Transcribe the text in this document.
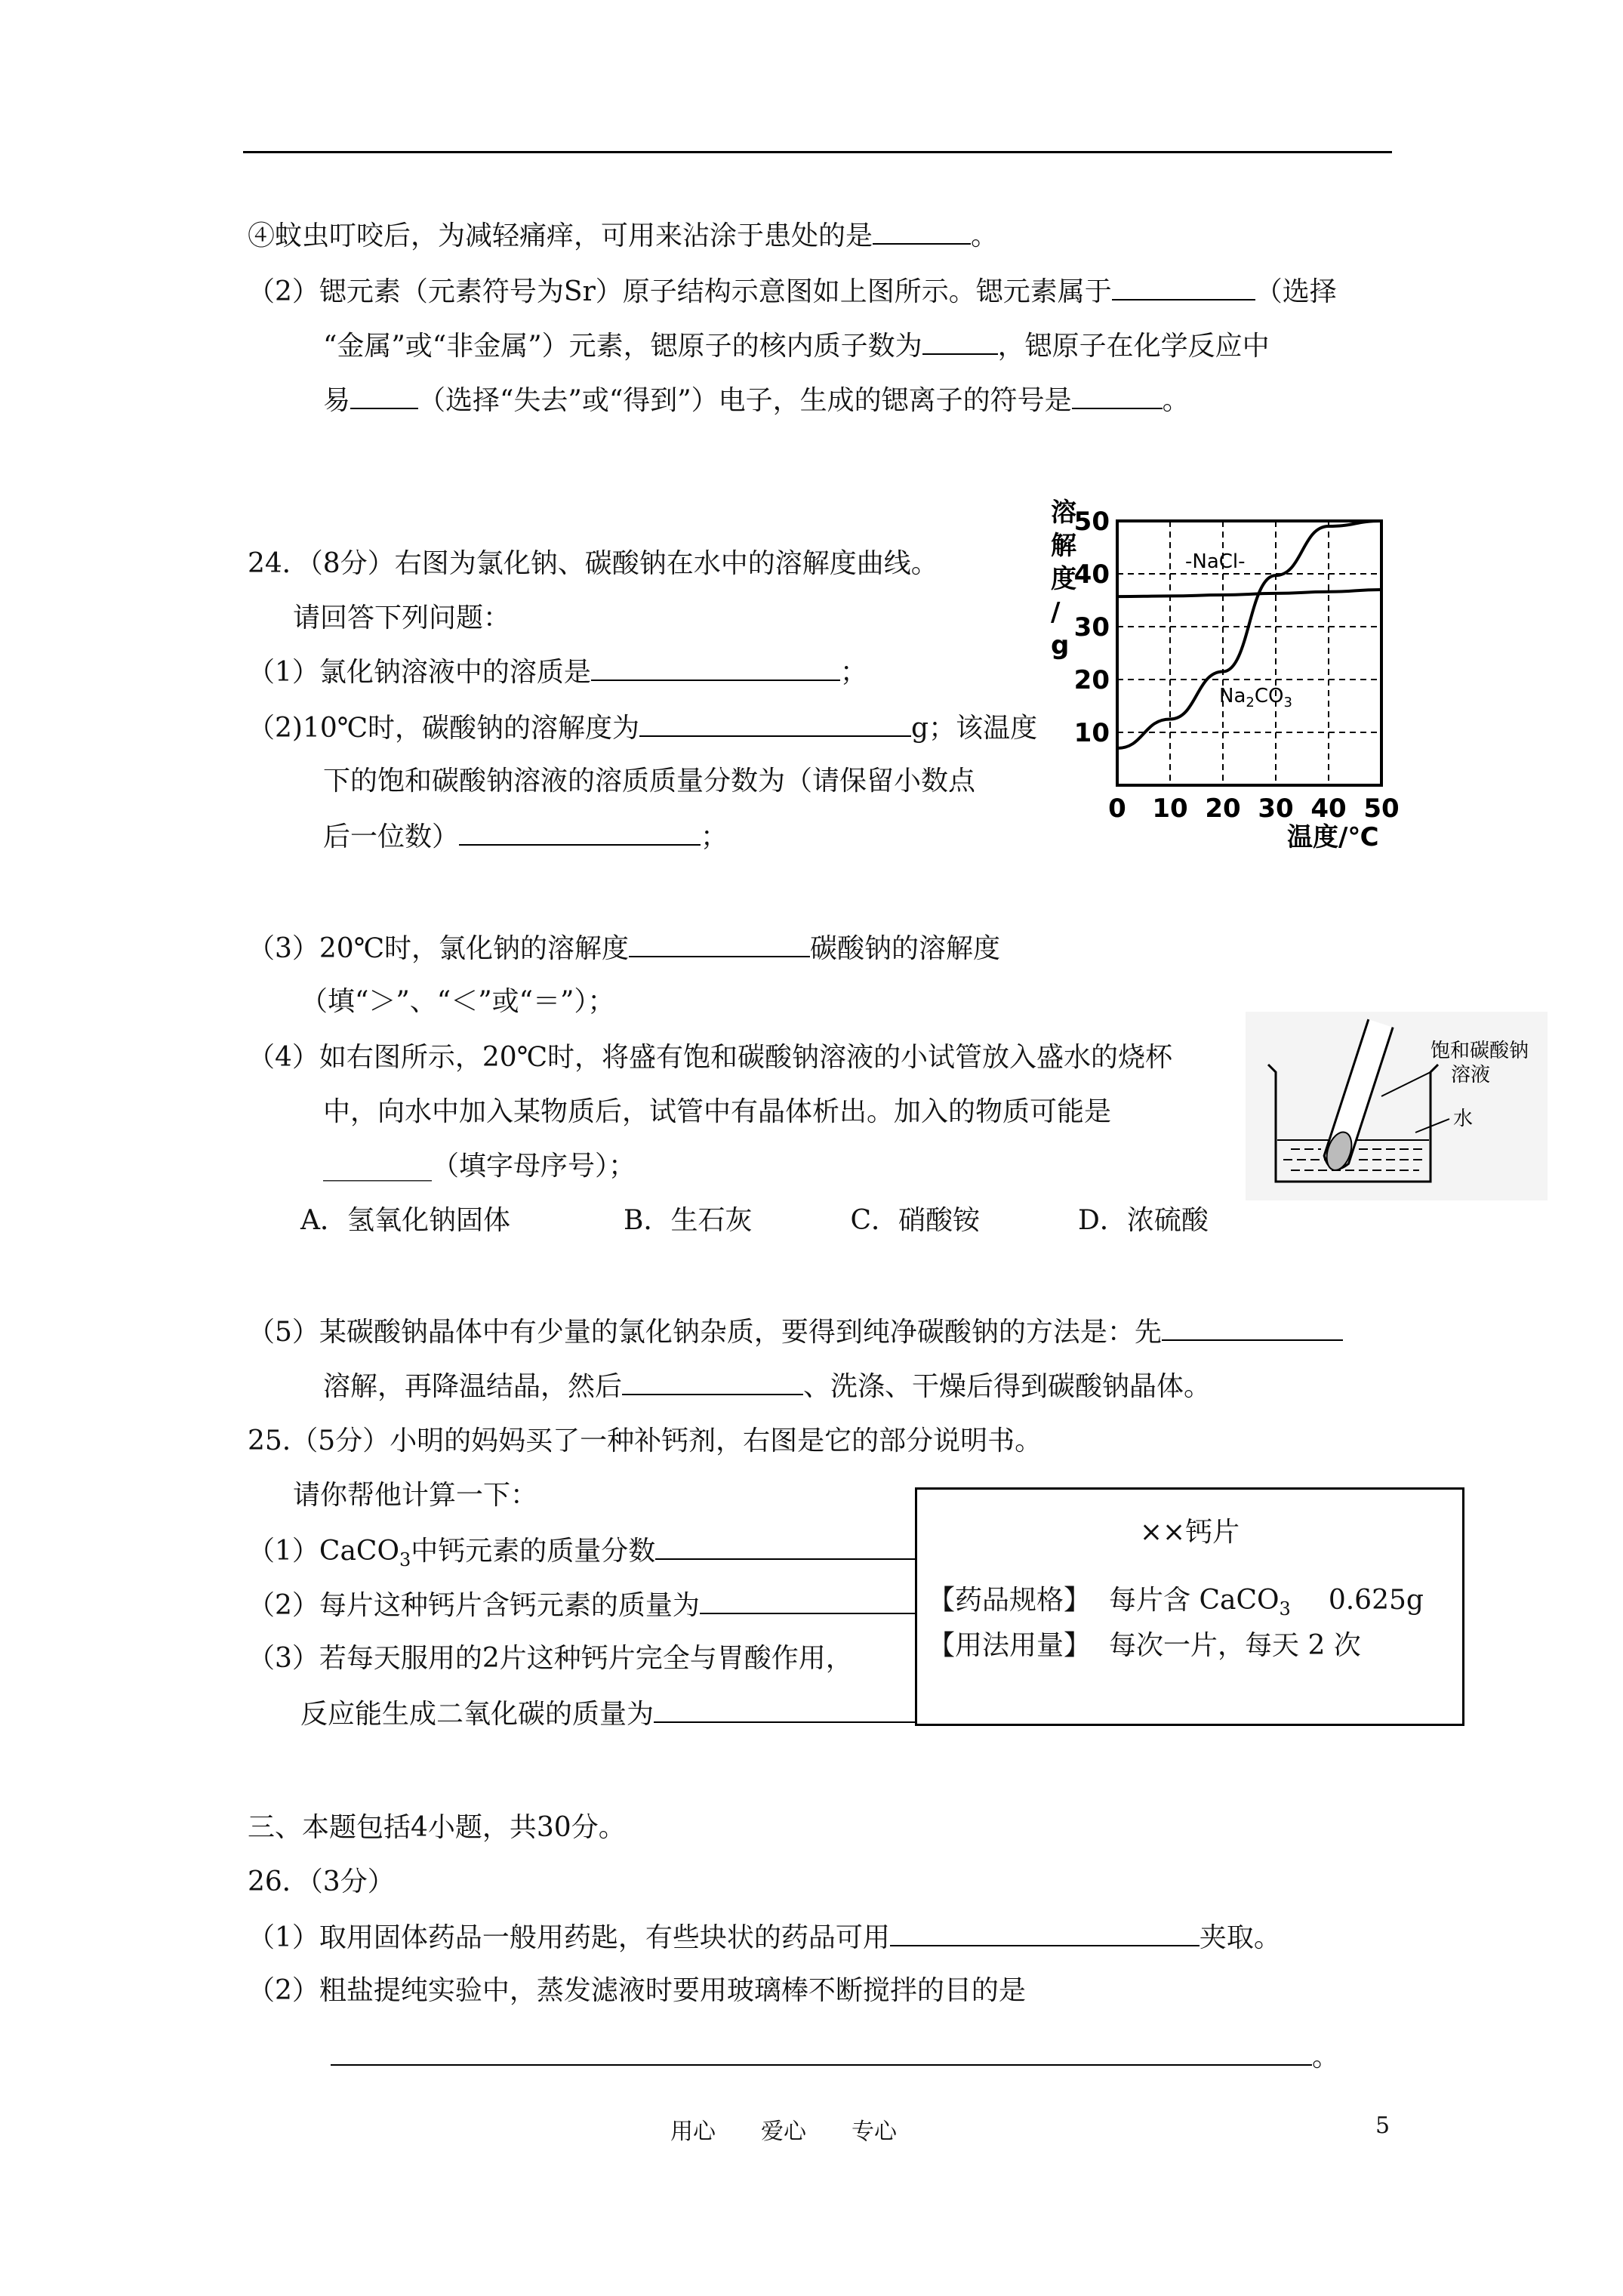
④蚊虫叮咬后，为减轻痛痒，可用来沾涂于患处的是	。
（2）锶元素（元素符号为Sr）原子结构示意图如上图所示。锶元素属于	（选择
“金属”或“非金属”）元素，锶原子的核内质子数为	，锶原子在化学反应中
易	（选择“失去”或“得到”）电子，生成的锶离子的符号是	。
24．（8分）右图为氯化钠、碳酸钠在水中的溶解度曲线。
请回答下列问题：
（1）氯化钠溶液中的溶质是	；
（2)10℃时，碳酸钠的溶解度为	g；该温度
下的饱和碳酸钠溶液的溶质质量分数为（请保留小数点
后一位数）	；
0 10 20 30 40 50
10
20
30
40
50
溶解度/ g
温度/℃
-NaCl-
$Na_2CO_3$
（3）20℃时，氯化钠的溶解度	碳酸钠的溶解度
（填“＞”、“＜”或“＝”）；
（4）如右图所示，20℃时，将盛有饱和碳酸钠溶液的小试管放入盛水的烧杯
中，向水中加入某物质后，试管中有晶体析出。加入的物质可能是
________（填字母序号）；
A．氢氧化钠固体	B．生石灰	C．硝酸铵	D．浓硫酸
饱和碳酸钠
溶液
水
（5）某碳酸钠晶体中有少量的氯化钠杂质，要得到纯净碳酸钠的方法是：先
溶解，再降温结晶，然后	、洗涤、干燥后得到碳酸钠晶体。
25.（5分）小明的妈妈买了一种补钙剂，右图是它的部分说明书。
请你帮他计算一下：
（1）CaCO$_3$中钙元素的质量分数
（2）每片这种钙片含钙元素的质量为
（3）若每天服用的2片这种钙片完全与胃酸作用，
反应能生成二氧化碳的质量为
××钙片
【药品规格】 每片含 CaCO$_3$ 0.625g
【用法用量】 每次一片，每天 2 次
三、本题包括4小题，共30分。
26．（3分）
（1）取用固体药品一般用药匙，有些块状的药品可用	夹取。
（2）粗盐提纯实验中，蒸发滤液时要用玻璃棒不断搅拌的目的是
。
用心　　爱心　　专心	5
